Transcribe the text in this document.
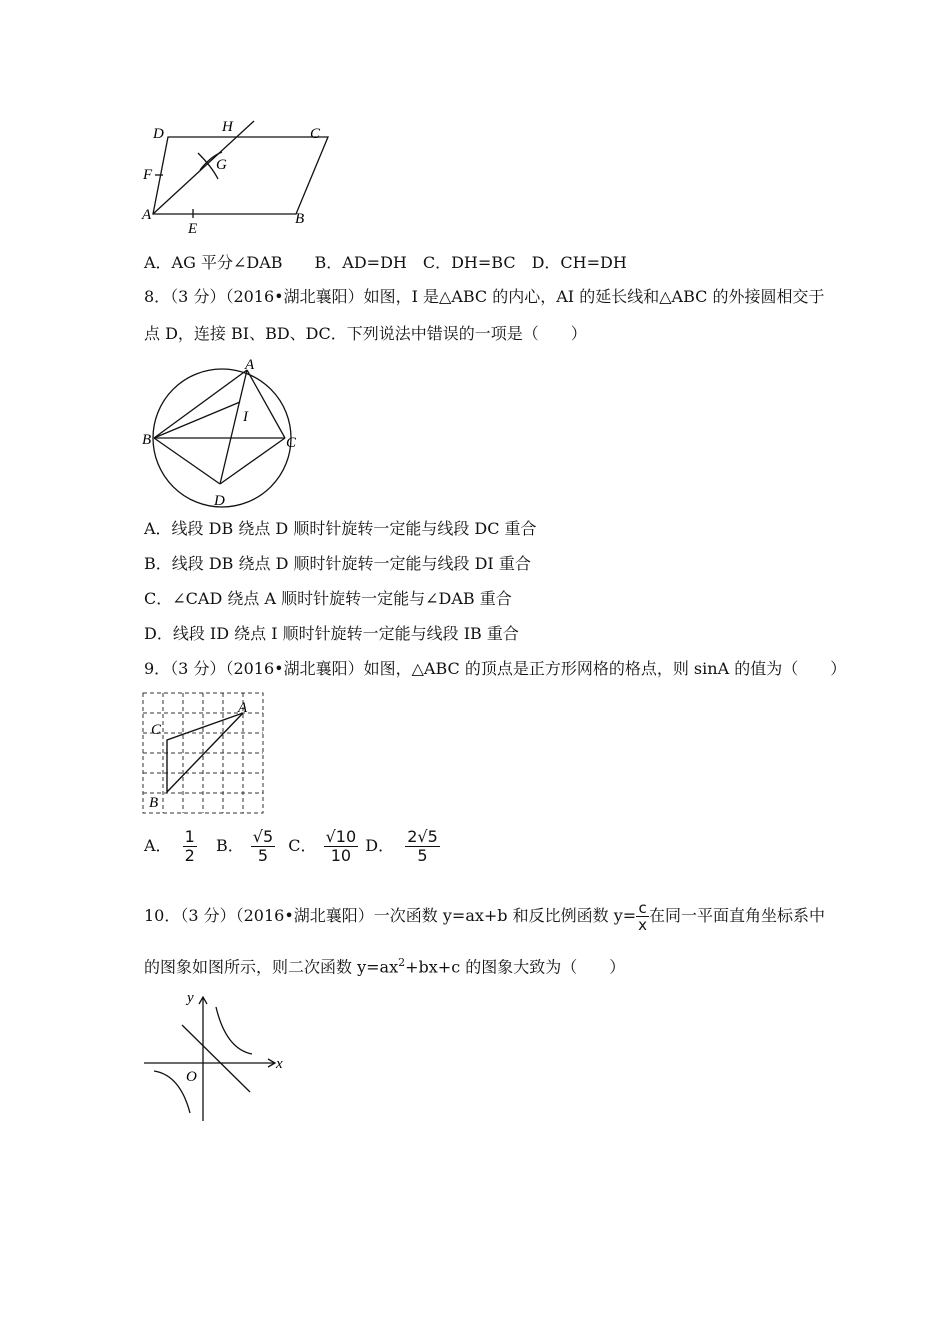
D	H	C
F
G
A
E
B
A．AG 平分∠DAB　　B．AD=DH　C．DH=BC　D．CH=DH
8．（3 分）（2016•湖北襄阳）如图，I 是△ABC 的内心，AI 的延长线和△ABC 的外接圆相交于
点 D，连接 BI、BD、DC．下列说法中错误的一项是（　　）
A
I
B	C
D
A．线段 DB 绕点 D 顺时针旋转一定能与线段 DC 重合
B．线段 DB 绕点 D 顺时针旋转一定能与线段 DI 重合
C．∠CAD 绕点 A 顺时针旋转一定能与∠DAB 重合
D．线段 ID 绕点 I 顺时针旋转一定能与线段 IB 重合
9．（3 分）（2016•湖北襄阳）如图，△ABC 的顶点是正方形网格的格点，则 sinA 的值为（　　）
A
C
B
A． $\frac{1}{2}$ B． $\frac{√5}{5}$ C． $\frac{√10}{10}$ D． $\frac{2√5}{5}$
10．（3 分）（2016•湖北襄阳）一次函数 y=ax+b 和反比例函数 $y= \frac{c}{x}$ 在同一平面直角坐标系中
的图象如图所示，则二次函数 $y=ax^2+bx+c$ 的图象大致为（　　）
y
x
O
